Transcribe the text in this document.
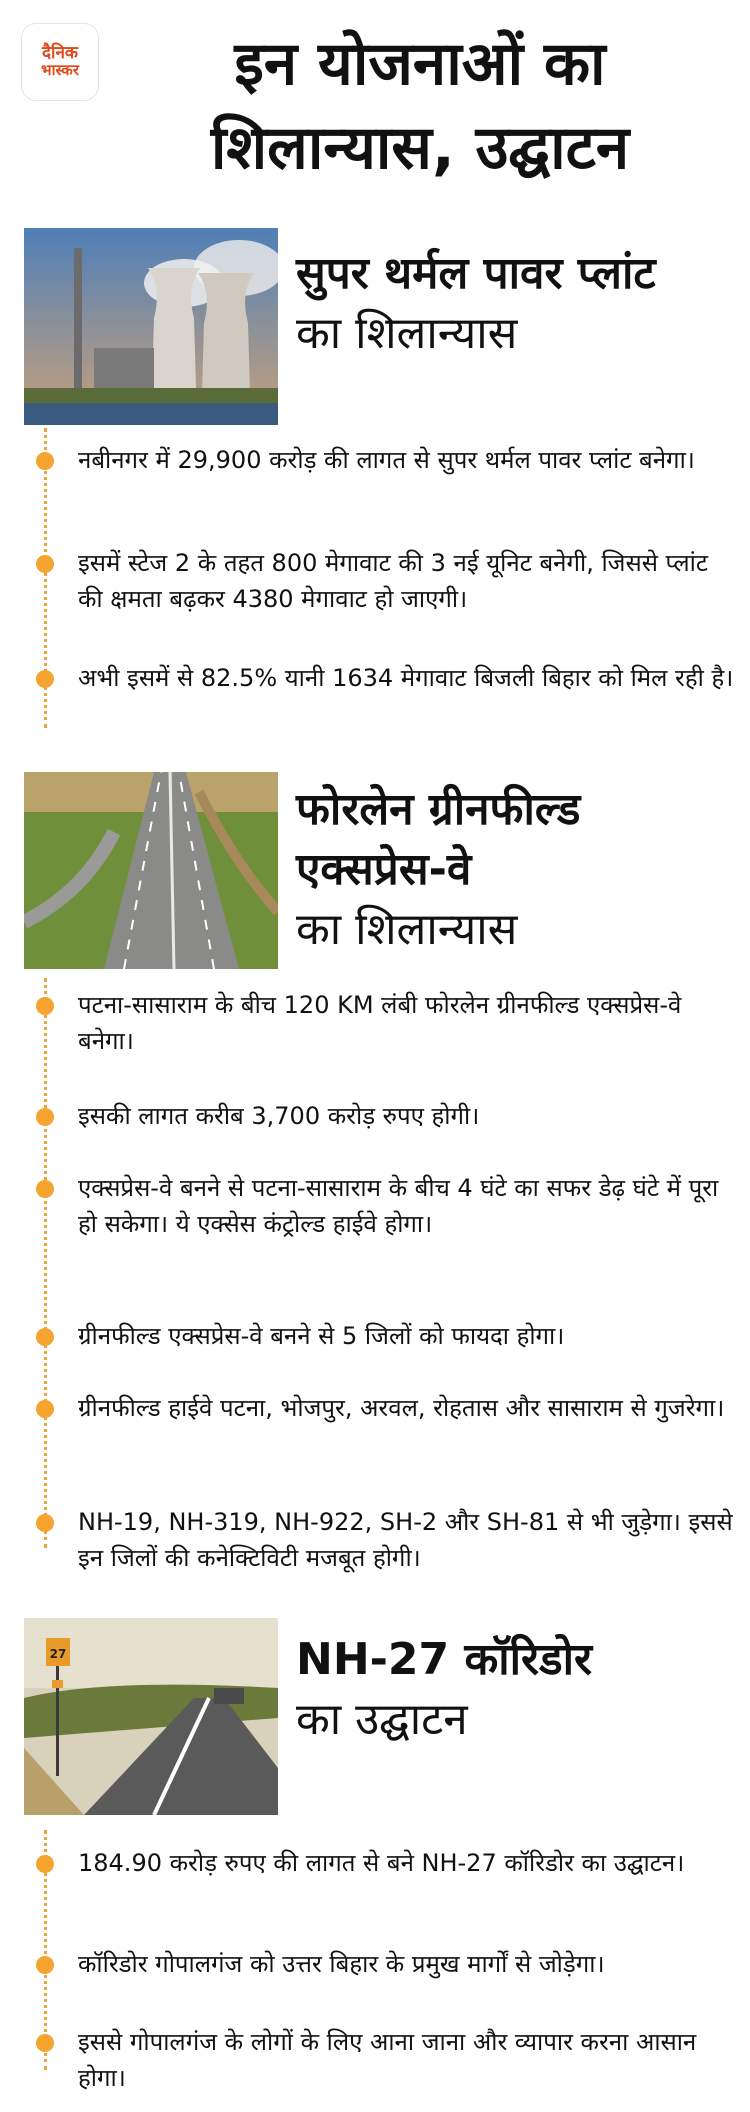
दैनिक
भास्कर	इन योजनाओं का शिलान्यास, उद्घाटन
सुपर थर्मल पावर प्लांट
का शिलान्यास
नबीनगर में 29,900 करोड़ की लागत से सुपर थर्मल पावर प्लांट बनेगा।
इसमें स्टेज 2 के तहत 800 मेगावाट की 3 नई यूनिट बनेगी, जिससे प्लांट की क्षमता बढ़कर 4380 मेगावाट हो जाएगी।
अभी इसमें से 82.5% यानी 1634 मेगावाट बिजली बिहार को मिल रही है।
फोरलेन ग्रीनफील्ड एक्सप्रेस-वे
का शिलान्यास
पटना-सासाराम के बीच 120 KM लंबी फोरलेन ग्रीनफील्ड एक्सप्रेस-वे बनेगा।
इसकी लागत करीब 3,700 करोड़ रुपए होगी।
एक्सप्रेस-वे बनने से पटना-सासाराम के बीच 4 घंटे का सफर डेढ़ घंटे में पूरा हो सकेगा। ये एक्सेस कंट्रोल्ड हाईवे होगा।
ग्रीनफील्ड एक्सप्रेस-वे बनने से 5 जिलों को फायदा होगा।
ग्रीनफील्ड हाईवे पटना, भोजपुर, अरवल, रोहतास और सासाराम से गुजरेगा।
NH-19, NH-319, NH-922, SH-2 और SH-81 से भी जुड़ेगा। इससे इन जिलों की कनेक्टिविटी मजबूत होगी।
27	NH-27 कॉरिडोर
का उद्घाटन
184.90 करोड़ रुपए की लागत से बने NH-27 कॉरिडोर का उद्घाटन।
कॉरिडोर गोपालगंज को उत्तर बिहार के प्रमुख मार्गों से जोड़ेगा।
इससे गोपालगंज के लोगों के लिए आना जाना और व्यापार करना आसान होगा।
